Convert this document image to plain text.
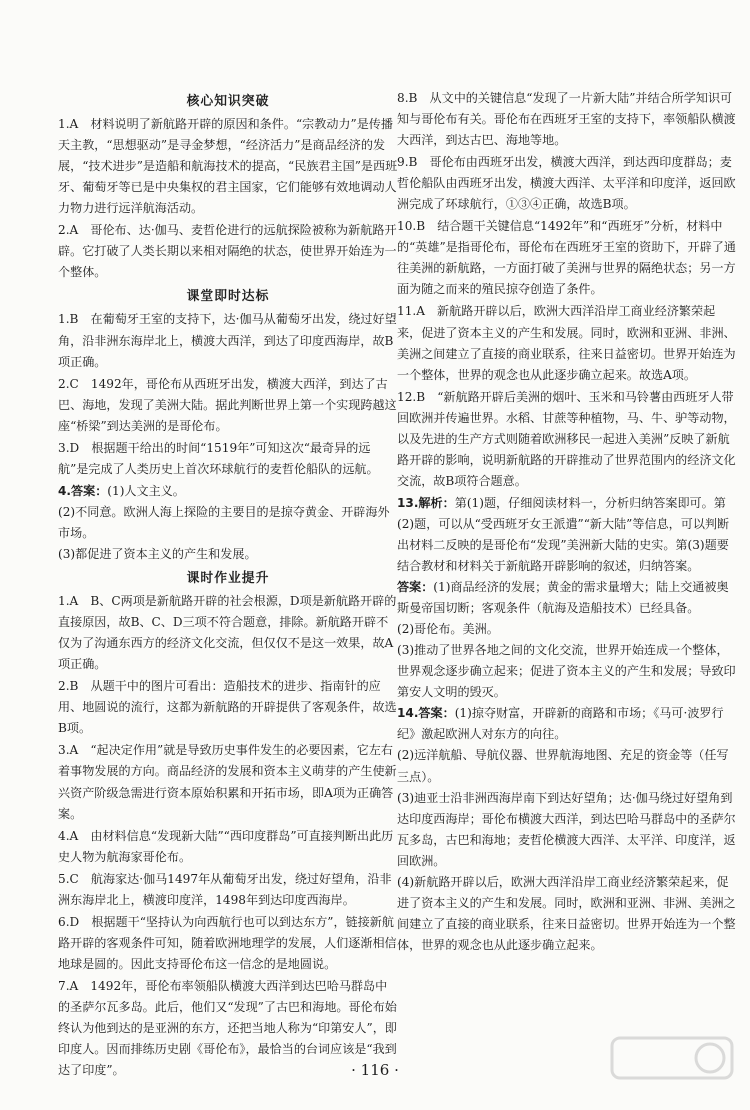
核心知识突破

1.A　材料说明了新航路开辟的原因和条件。“宗教动力”是传播天主教，“思想驱动”是寻金梦想，“经济活力”是商品经济的发展，“技术进步”是造船和航海技术的提高，“民族君主国”是西班牙、葡萄牙等已是中央集权的君主国家，它们能够有效地调动人力物力进行远洋航海活动。

2.A　哥伦布、达·伽马、麦哲伦进行的远航探险被称为新航路开辟。它打破了人类长期以来相对隔绝的状态，使世界开始连为一个整体。

课堂即时达标

1.B　在葡萄牙王室的支持下，达·伽马从葡萄牙出发，绕过好望角，沿非洲东海岸北上，横渡大西洋，到达了印度西海岸，故B项正确。

2.C　1492年，哥伦布从西班牙出发，横渡大西洋，到达了古巴、海地，发现了美洲大陆。据此判断世界上第一个实现跨越这座“桥梁”到达美洲的是哥伦布。

3.D　根据题干给出的时间“1519年”可知这次“最奇异的远航”是完成了人类历史上首次环球航行的麦哲伦船队的远航。

4.答案：(1)人文主义。

(2)不同意。欧洲人海上探险的主要目的是掠夺黄金、开辟海外市场。

(3)都促进了资本主义的产生和发展。

课时作业提升

1.A　B、C两项是新航路开辟的社会根源，D项是新航路开辟的直接原因，故B、C、D三项不符合题意，排除。新航路开辟不仅为了沟通东西方的经济文化交流，但仅仅不是这一效果，故A项正确。

2.B　从题干中的图片可看出：造船技术的进步、指南针的应用、地圆说的流行，这都为新航路的开辟提供了客观条件，故选B项。

3.A　“起决定作用”就是导致历史事件发生的必要因素，它左右着事物发展的方向。商品经济的发展和资本主义萌芽的产生使新兴资产阶级急需进行资本原始积累和开拓市场，即A项为正确答案。

4.A　由材料信息“发现新大陆”“西印度群岛”可直接判断出此历史人物为航海家哥伦布。

5.C　航海家达·伽马1497年从葡萄牙出发，绕过好望角，沿非洲东海岸北上，横渡印度洋，1498年到达印度西海岸。

6.D　根据题干“坚持认为向西航行也可以到达东方”，链接新航路开辟的客观条件可知，随着欧洲地理学的发展，人们逐渐相信地球是圆的。因此支持哥伦布这一信念的是地圆说。

7.A　1492年，哥伦布率领船队横渡大西洋到达巴哈马群岛中的圣萨尔瓦多岛。此后，他们又“发现”了古巴和海地。哥伦布始终认为他到达的是亚洲的东方，还把当地人称为“印第安人”，即印度人。因而排练历史剧《哥伦布》，最恰当的台词应该是“我到达了印度”。

8.B　从文中的关键信息“发现了一片新大陆”并结合所学知识可知与哥伦布有关。哥伦布在西班牙王室的支持下，率领船队横渡大西洋，到达古巴、海地等地。

9.B　哥伦布由西班牙出发，横渡大西洋，到达西印度群岛；麦哲伦船队由西班牙出发，横渡大西洋、太平洋和印度洋，返回欧洲完成了环球航行，①③④正确，故选B项。

10.B　结合题干关键信息“1492年”和“西班牙”分析，材料中的“英雄”是指哥伦布，哥伦布在西班牙王室的资助下，开辟了通往美洲的新航路，一方面打破了美洲与世界的隔绝状态；另一方面为随之而来的殖民掠夺创造了条件。

11.A　新航路开辟以后，欧洲大西洋沿岸工商业经济繁荣起来，促进了资本主义的产生和发展。同时，欧洲和亚洲、非洲、美洲之间建立了直接的商业联系，往来日益密切。世界开始连为一个整体，世界的观念也从此逐步确立起来。故选A项。

12.B　“新航路开辟后美洲的烟叶、玉米和马铃薯由西班牙人带回欧洲并传遍世界。水稻、甘蔗等种植物，马、牛、驴等动物，以及先进的生产方式则随着欧洲移民一起进入美洲”反映了新航路开辟的影响，说明新航路的开辟推动了世界范围内的经济文化交流，故B项符合题意。

13.解析：第(1)题，仔细阅读材料一，分析归纳答案即可。第(2)题，可以从“受西班牙女王派遣”“新大陆”等信息，可以判断出材料二反映的是哥伦布“发现”美洲新大陆的史实。第(3)题要结合教材和材料关于新航路开辟影响的叙述，归纳答案。

答案：(1)商品经济的发展；黄金的需求量增大；陆上交通被奥斯曼帝国切断；客观条件（航海及造船技术）已经具备。

(2)哥伦布。美洲。

(3)推动了世界各地之间的文化交流，世界开始连成一个整体，世界观念逐步确立起来；促进了资本主义的产生和发展；导致印第安人文明的毁灭。

14.答案：(1)掠夺财富，开辟新的商路和市场；《马可·波罗行纪》激起欧洲人对东方的向往。

(2)远洋航船、导航仪器、世界航海地图、充足的资金等（任写三点）。

(3)迪亚士沿非洲西海岸南下到达好望角；达·伽马绕过好望角到达印度西海岸；哥伦布横渡大西洋，到达巴哈马群岛中的圣萨尔瓦多岛，古巴和海地；麦哲伦横渡大西洋、太平洋、印度洋，返回欧洲。

(4)新航路开辟以后，欧洲大西洋沿岸工商业经济繁荣起来，促进了资本主义的产生和发展。同时，欧洲和亚洲、非洲、美洲之间建立了直接的商业联系，往来日益密切。世界开始连为一个整体，世界的观念也从此逐步确立起来。

· 116 ·
